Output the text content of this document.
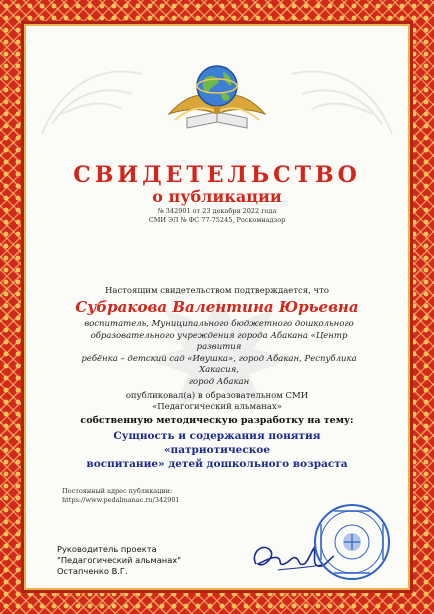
СВИДЕТЕЛЬСТВО
о публикации
№ 342901 от 23 декабря 2022 года
СМИ ЭЛ № ФС 77-75245, Роскомнадзор
Настоящим свидетельством подтверждается, что
Субракова Валентина Юрьевна
воспитатель, Муниципального бюджетного дошкольного
образовательного учреждения города Абакана «Центр развития
ребёнка – детский сад «Ивушка», город Абакан, Республика Хакасия,
город Абакан
опубликовал(а) в образовательном СМИ
«Педагогический альманах»
собственную методическую разработку на тему:
Сущность и содержания понятия «патриотическое
воспитание» детей дошкольного возраста
Постоянный адрес публикации:
https://www.pedalmanac.ru/342901
Руководитель проекта
"Педагогический альманах"
Остапченко В.Г.
